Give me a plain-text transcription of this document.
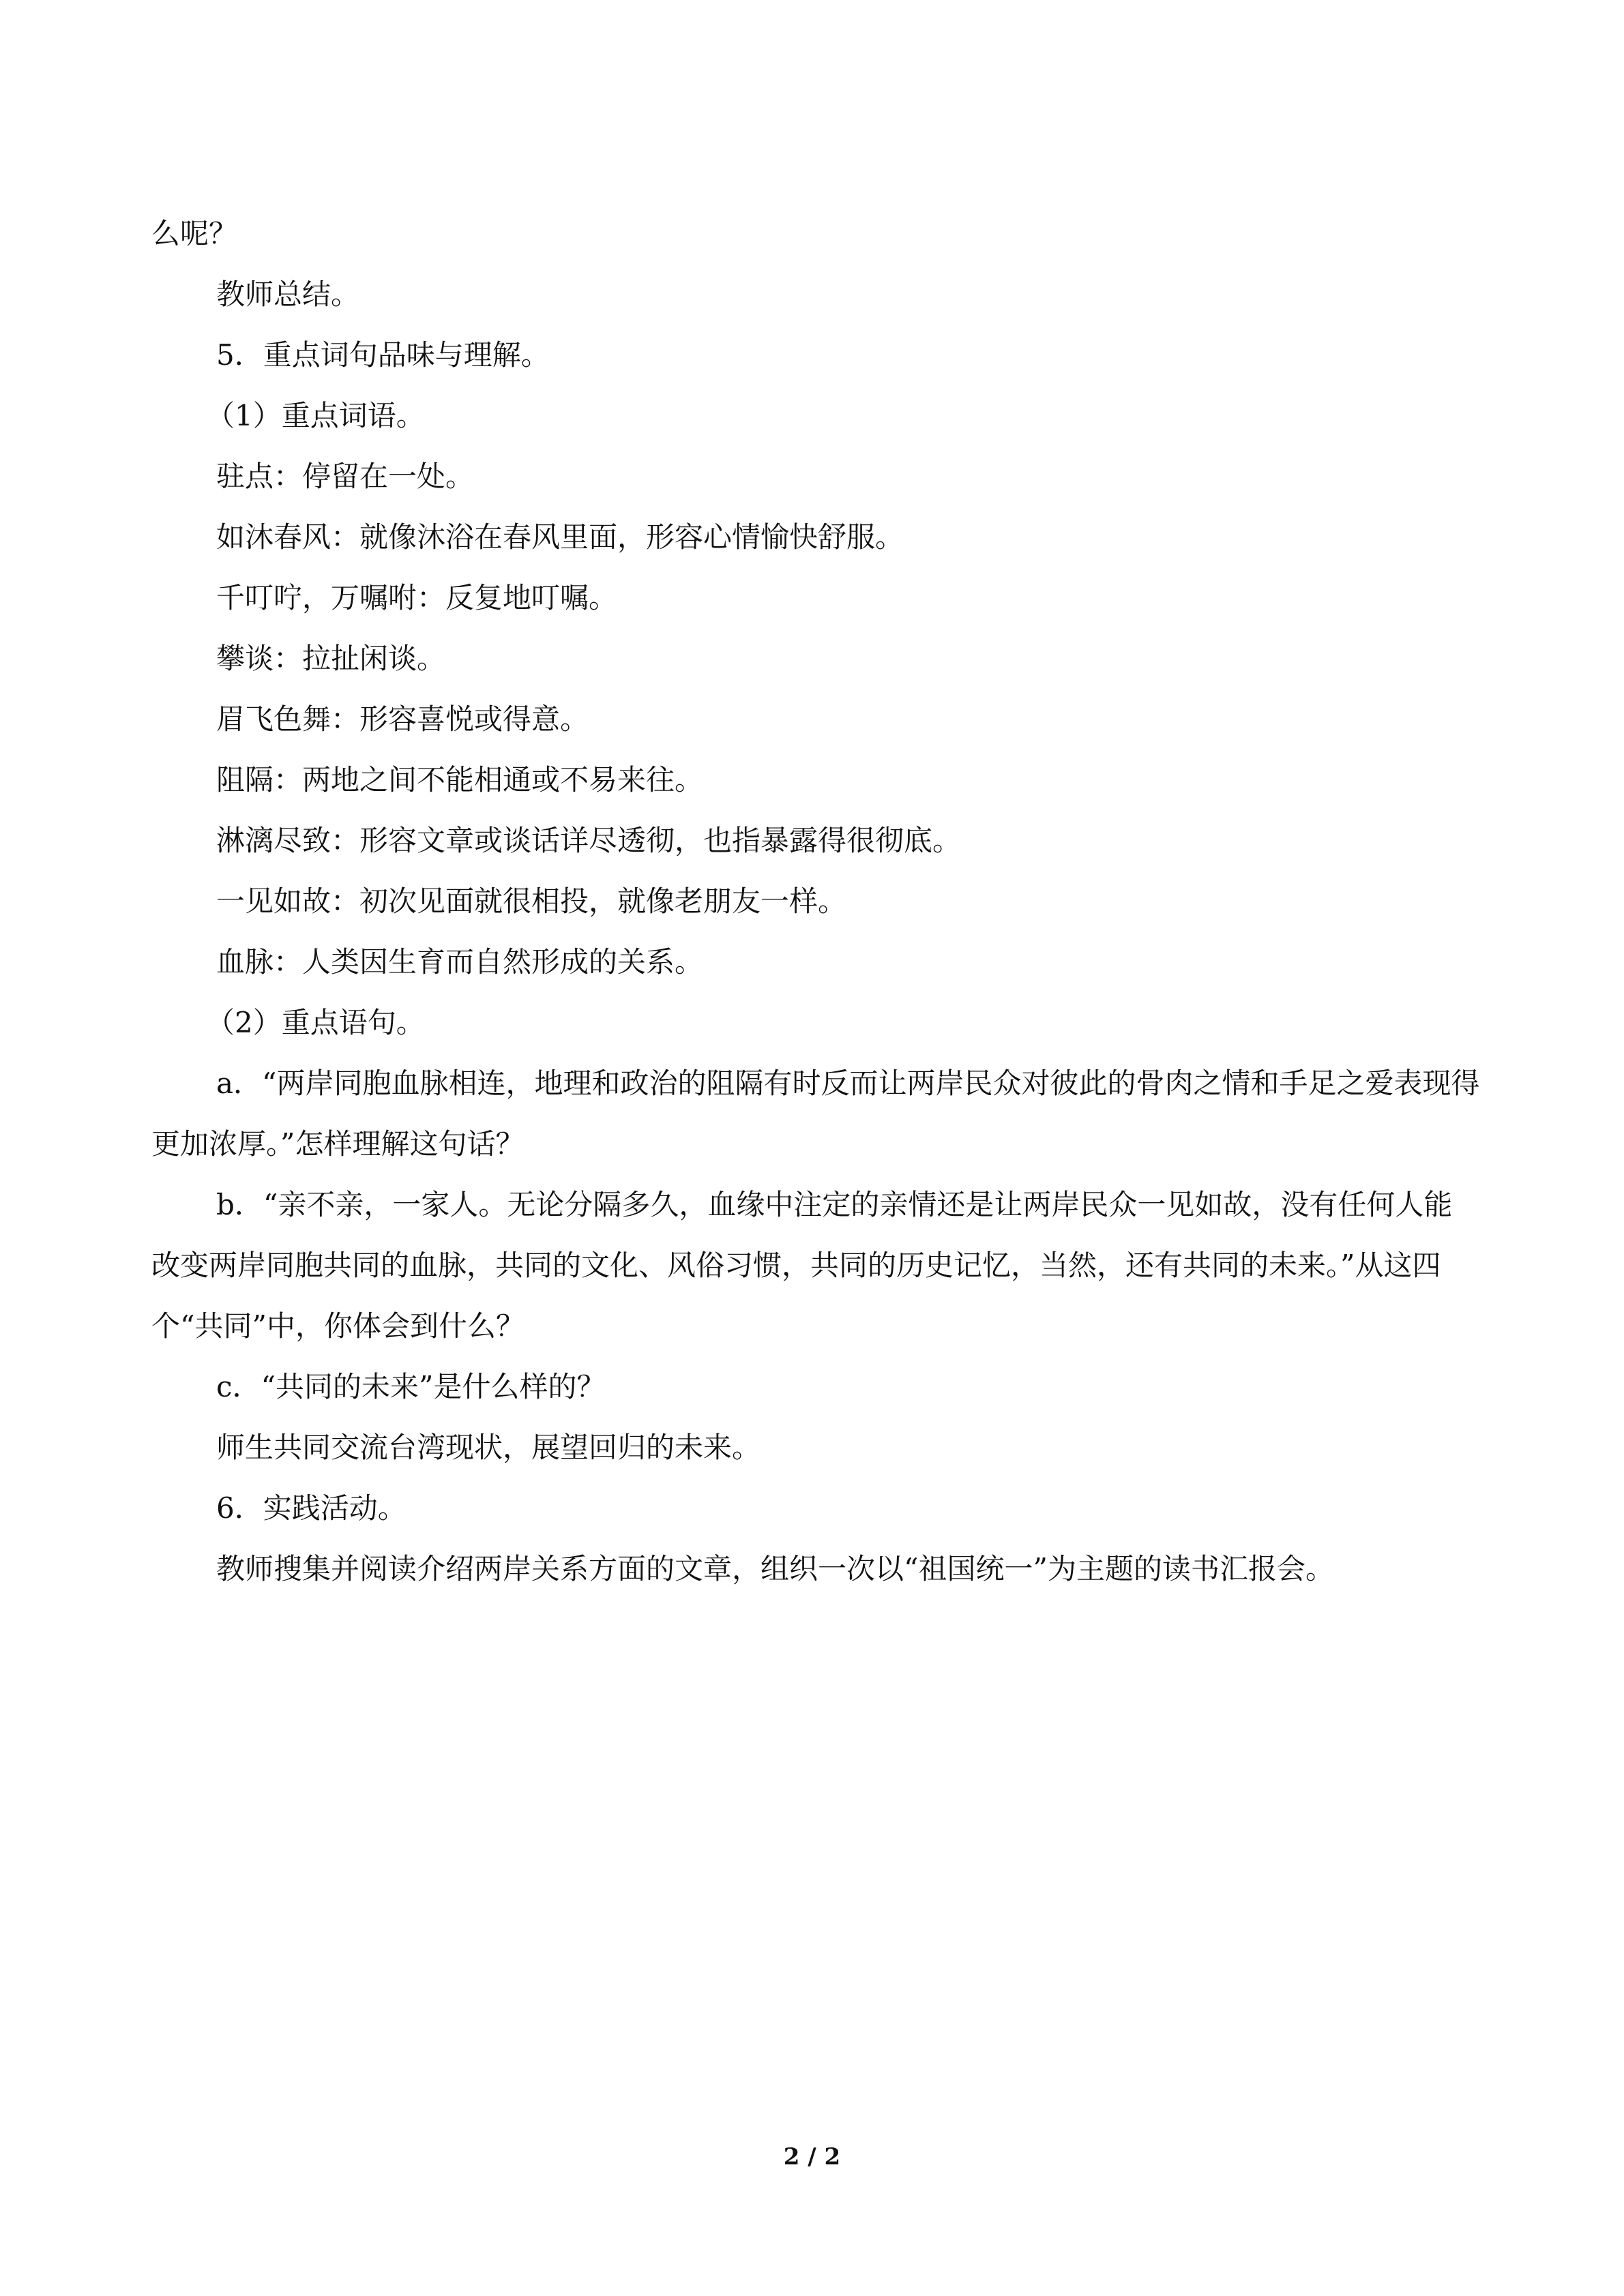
么呢？

教师总结。

5．重点词句品味与理解。

（1）重点词语。

驻点：停留在一处。

如沐春风：就像沐浴在春风里面，形容心情愉快舒服。

千叮咛，万嘱咐：反复地叮嘱。

攀谈：拉扯闲谈。

眉飞色舞：形容喜悦或得意。

阻隔：两地之间不能相通或不易来往。

淋漓尽致：形容文章或谈话详尽透彻，也指暴露得很彻底。

一见如故：初次见面就很相投，就像老朋友一样。

血脉：人类因生育而自然形成的关系。

（2）重点语句。

a．“两岸同胞血脉相连，地理和政治的阻隔有时反而让两岸民众对彼此的骨肉之情和手足之爱表现得更加浓厚。”怎样理解这句话？

b．“亲不亲，一家人。无论分隔多久，血缘中注定的亲情还是让两岸民众一见如故，没有任何人能改变两岸同胞共同的血脉，共同的文化、风俗习惯，共同的历史记忆，当然，还有共同的未来。”从这四个“共同”中，你体会到什么？

c．“共同的未来”是什么样的？

师生共同交流台湾现状，展望回归的未来。

6．实践活动。

教师搜集并阅读介绍两岸关系方面的文章，组织一次以“祖国统一”为主题的读书汇报会。

2 / 2
